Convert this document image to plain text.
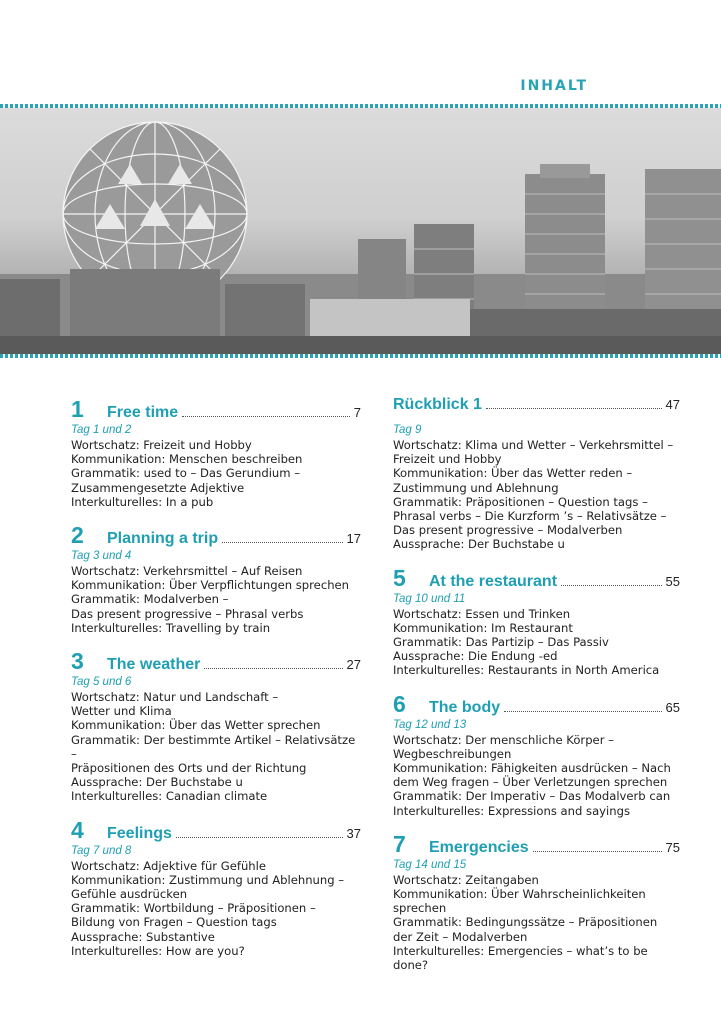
INHALT
1	Free time	7
Tag 1 und 2
Wortschatz: Freizeit und Hobby
Kommunikation: Menschen beschreiben
Grammatik: used to – Das Gerundium –
Zusammengesetzte Adjektive
Interkulturelles: In a pub
2	Planning a trip	17
Tag 3 und 4
Wortschatz: Verkehrsmittel – Auf Reisen
Kommunikation: Über Verpflichtungen sprechen
Grammatik: Modalverben –
Das present progressive – Phrasal verbs
Interkulturelles: Travelling by train
3	The weather	27
Tag 5 und 6
Wortschatz: Natur und Landschaft –
Wetter und Klima
Kommunikation: Über das Wetter sprechen
Grammatik: Der bestimmte Artikel – Relativsätze –
Präpositionen des Orts und der Richtung
Aussprache: Der Buchstabe u
Interkulturelles: Canadian climate
4	Feelings	37
Tag 7 und 8
Wortschatz: Adjektive für Gefühle
Kommunikation: Zustimmung und Ablehnung –
Gefühle ausdrücken
Grammatik: Wortbildung – Präpositionen –
Bildung von Fragen – Question tags
Aussprache: Substantive
Interkulturelles: How are you?
Rückblick 1	47
Tag 9
Wortschatz: Klima und Wetter – Verkehrsmittel –
Freizeit und Hobby
Kommunikation: Über das Wetter reden –
Zustimmung und Ablehnung
Grammatik: Präpositionen – Question tags –
Phrasal verbs – Die Kurzform ’s – Relativsätze –
Das present progressive – Modalverben
Aussprache: Der Buchstabe u
5	At the restaurant	55
Tag 10 und 11
Wortschatz: Essen und Trinken
Kommunikation: Im Restaurant
Grammatik: Das Partizip – Das Passiv
Aussprache: Die Endung -ed
Interkulturelles: Restaurants in North America
6	The body	65
Tag 12 und 13
Wortschatz: Der menschliche Körper –
Wegbeschreibungen
Kommunikation: Fähigkeiten ausdrücken – Nach
dem Weg fragen – Über Verletzungen sprechen
Grammatik: Der Imperativ – Das Modalverb can
Interkulturelles: Expressions and sayings
7	Emergencies	75
Tag 14 und 15
Wortschatz: Zeitangaben
Kommunikation: Über Wahrscheinlichkeiten
sprechen
Grammatik: Bedingungssätze – Präpositionen
der Zeit – Modalverben
Interkulturelles: Emergencies – what’s to be done?
